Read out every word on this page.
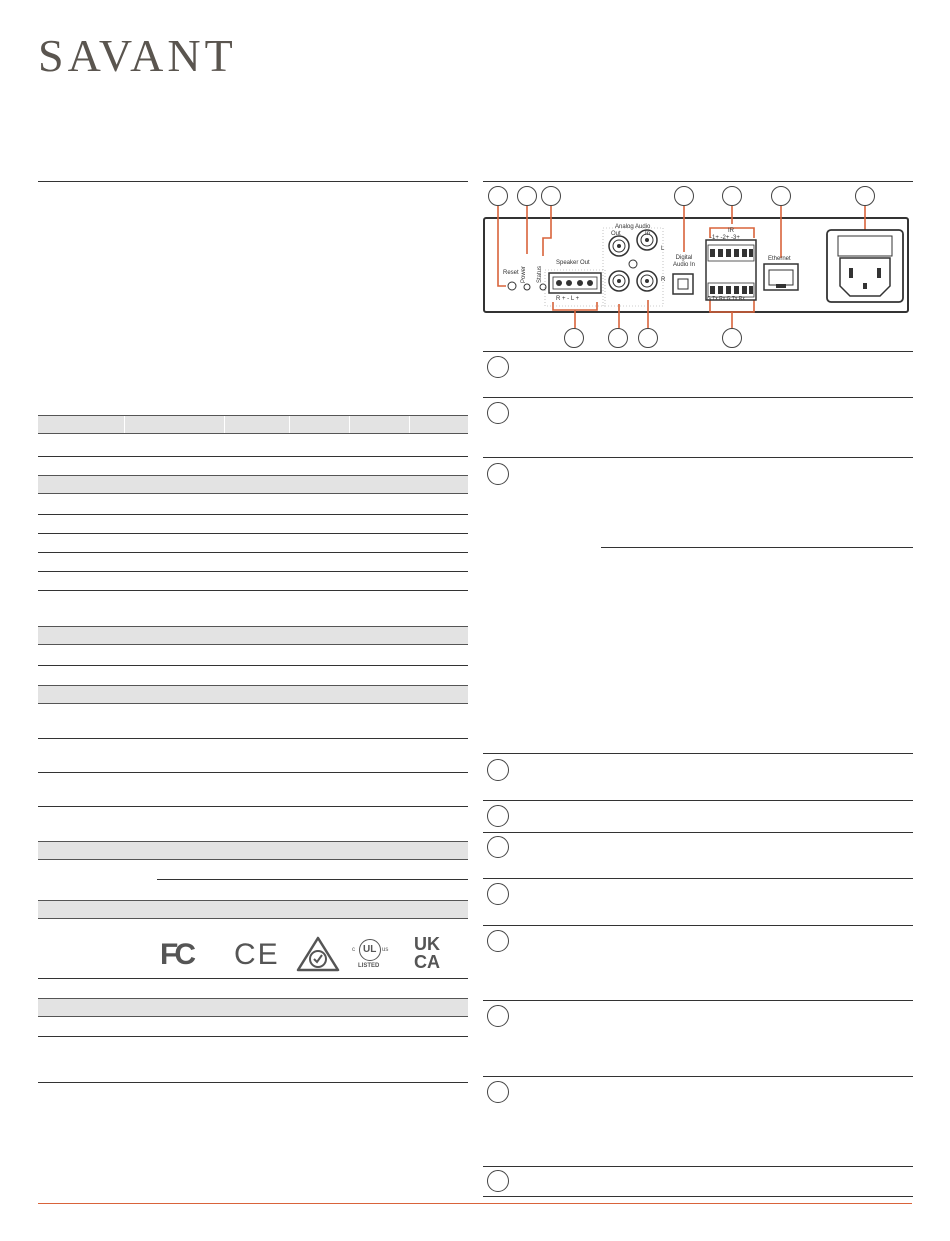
SAVANT
FC CE	c UL us
LISTED
UK
CA
Reset Power Status
Speaker Out
R + - L +
Analog Audio
Out	In
L
R
Digital Audio In
IR
-1+ -2+ -3+
G Tx Rx G Tx Rx
Ethernet
